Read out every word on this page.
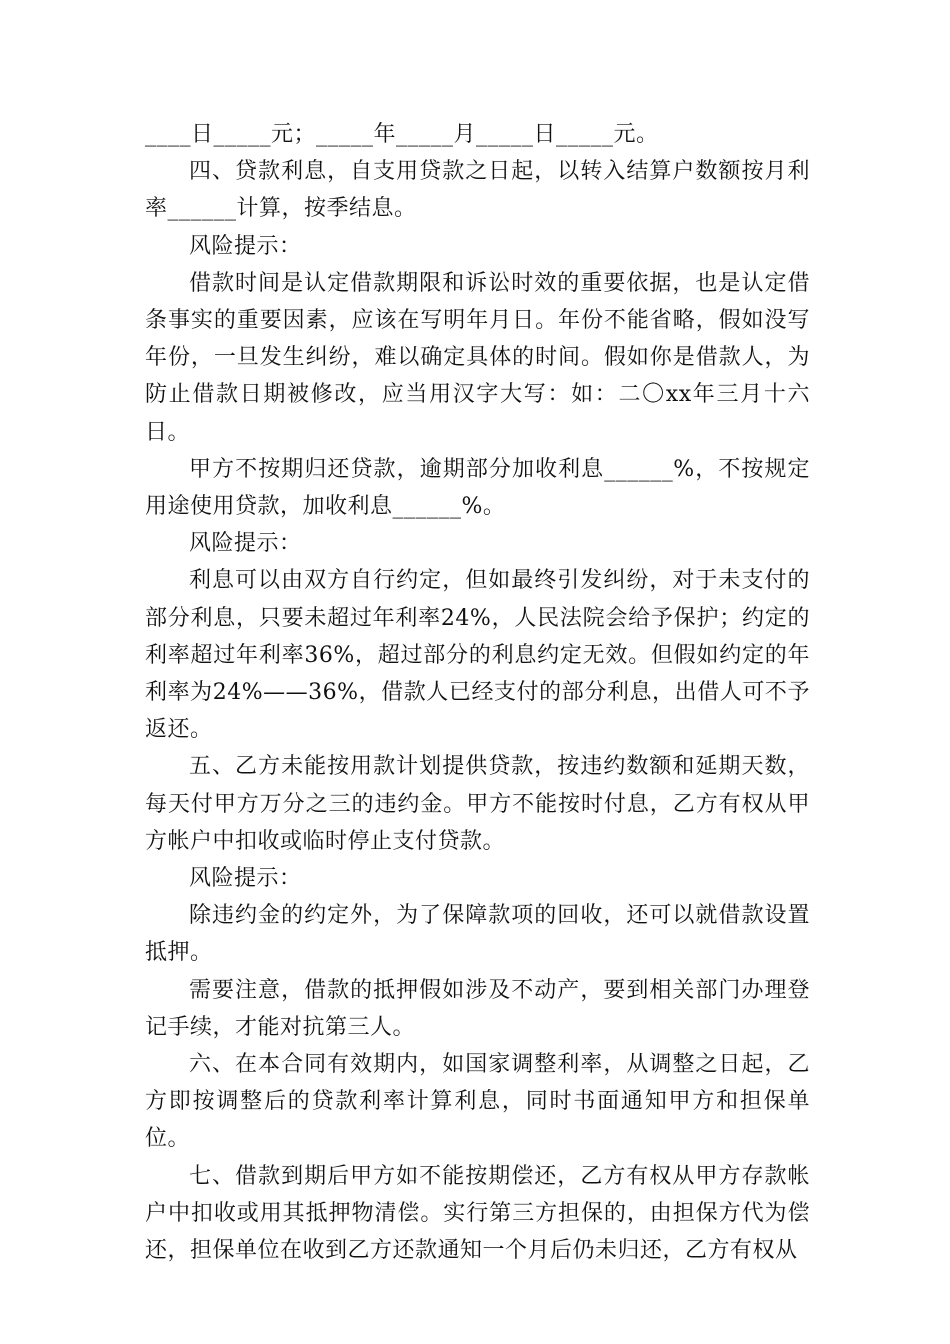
____日_____元；_____年_____月_____日_____元。

四、贷款利息，自支用贷款之日起，以转入结算户数额按月利率______计算，按季结息。

风险提示：

借款时间是认定借款期限和诉讼时效的重要依据，也是认定借条事实的重要因素，应该在写明年月日。年份不能省略，假如没写年份，一旦发生纠纷，难以确定具体的时间。假如你是借款人，为防止借款日期被修改，应当用汉字大写：如：二〇xx年三月十六日。

甲方不按期归还贷款，逾期部分加收利息______%，不按规定用途使用贷款，加收利息______%。

风险提示：

利息可以由双方自行约定，但如最终引发纠纷，对于未支付的部分利息，只要未超过年利率24%，人民法院会给予保护；约定的利率超过年利率36%，超过部分的利息约定无效。但假如约定的年利率为24%——36%，借款人已经支付的部分利息，出借人可不予返还。

五、乙方未能按用款计划提供贷款，按违约数额和延期天数，每天付甲方万分之三的违约金。甲方不能按时付息，乙方有权从甲方帐户中扣收或临时停止支付贷款。

风险提示：

除违约金的约定外，为了保障款项的回收，还可以就借款设置抵押。

需要注意，借款的抵押假如涉及不动产，要到相关部门办理登记手续，才能对抗第三人。

六、在本合同有效期内，如国家调整利率，从调整之日起，乙方即按调整后的贷款利率计算利息，同时书面通知甲方和担保单位。

七、借款到期后甲方如不能按期偿还，乙方有权从甲方存款帐户中扣收或用其抵押物清偿。实行第三方担保的，由担保方代为偿还，担保单位在收到乙方还款通知一个月后仍未归还，乙方有权从
